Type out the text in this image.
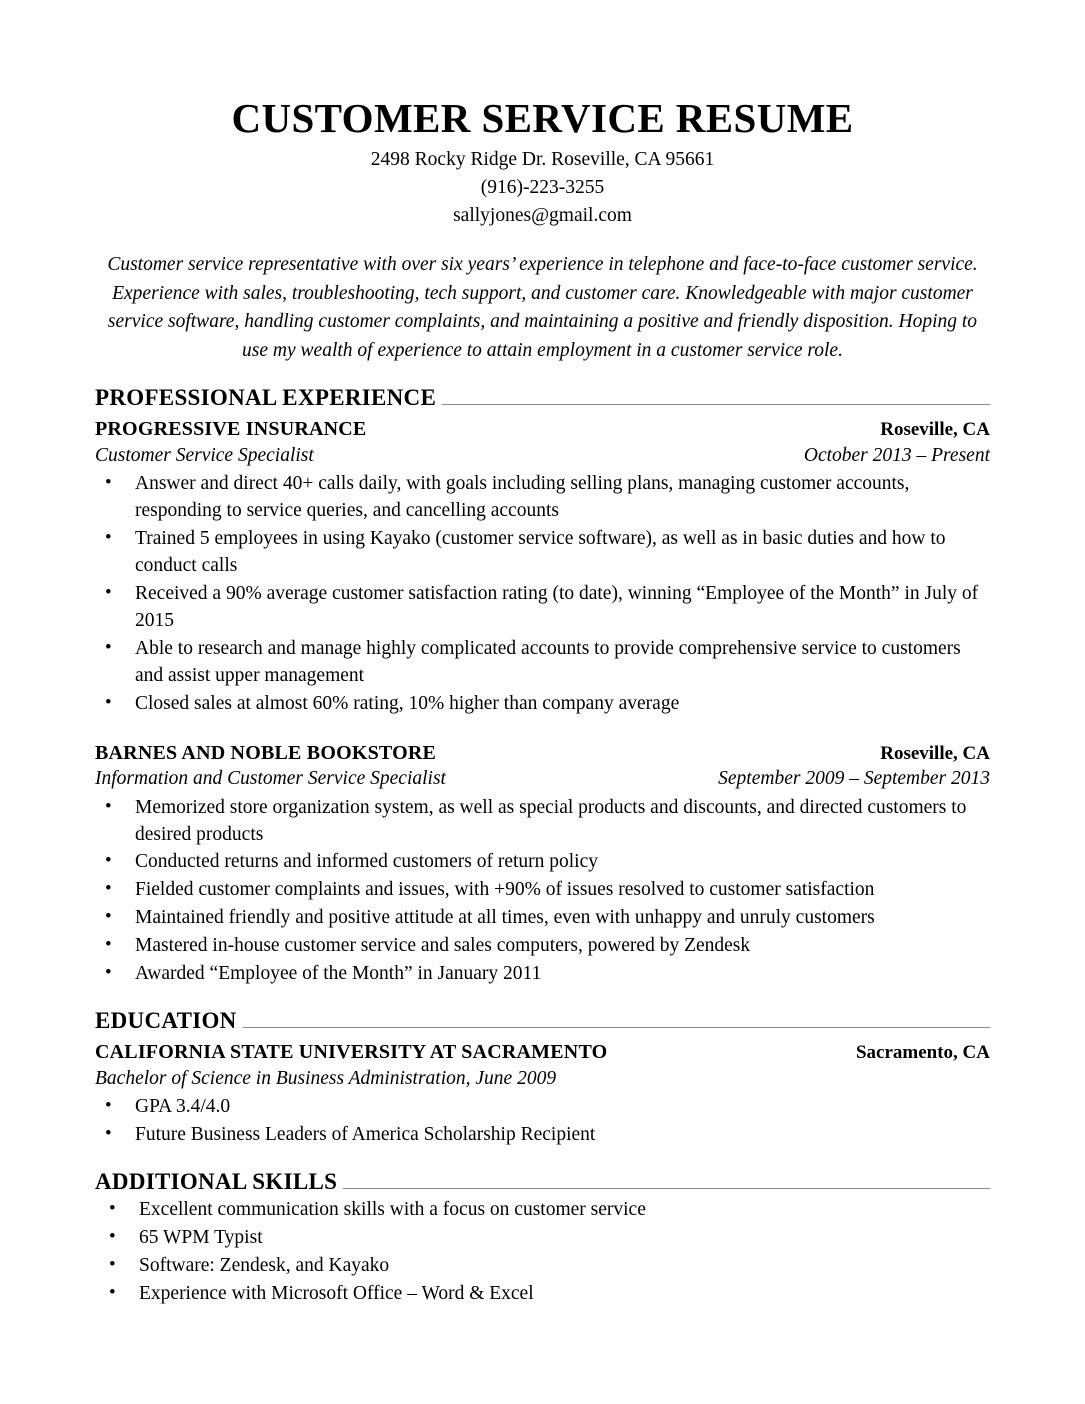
CUSTOMER SERVICE RESUME
2498 Rocky Ridge Dr. Roseville, CA 95661
(916)-223-3255
sallyjones@gmail.com
Customer service representative with over six years’ experience in telephone and face-to-face customer service. Experience with sales, troubleshooting, tech support, and customer care. Knowledgeable with major customer service software, handling customer complaints, and maintaining a positive and friendly disposition. Hoping to use my wealth of experience to attain employment in a customer service role.
PROFESSIONAL EXPERIENCE
PROGRESSIVE INSURANCE	Roseville, CA
Customer Service Specialist	October 2013 – Present
• Answer and direct 40+ calls daily, with goals including selling plans, managing customer accounts, responding to service queries, and cancelling accounts
• Trained 5 employees in using Kayako (customer service software), as well as in basic duties and how to conduct calls
• Received a 90% average customer satisfaction rating (to date), winning “Employee of the Month” in July of 2015
• Able to research and manage highly complicated accounts to provide comprehensive service to customers and assist upper management
• Closed sales at almost 60% rating, 10% higher than company average
BARNES AND NOBLE BOOKSTORE	Roseville, CA
Information and Customer Service Specialist	September 2009 – September 2013
• Memorized store organization system, as well as special products and discounts, and directed customers to desired products
• Conducted returns and informed customers of return policy
• Fielded customer complaints and issues, with +90% of issues resolved to customer satisfaction
• Maintained friendly and positive attitude at all times, even with unhappy and unruly customers
• Mastered in-house customer service and sales computers, powered by Zendesk
• Awarded “Employee of the Month” in January 2011
EDUCATION
CALIFORNIA STATE UNIVERSITY AT SACRAMENTO	Sacramento, CA
Bachelor of Science in Business Administration, June 2009
• GPA 3.4/4.0
• Future Business Leaders of America Scholarship Recipient
ADDITIONAL SKILLS
• Excellent communication skills with a focus on customer service
• 65 WPM Typist
• Software: Zendesk, and Kayako
• Experience with Microsoft Office – Word & Excel
